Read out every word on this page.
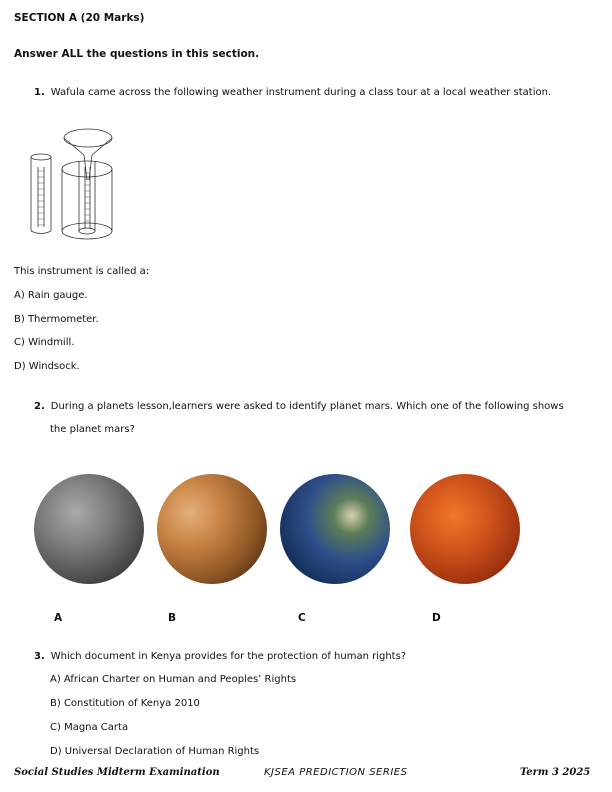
SECTION A (20 Marks)
Answer ALL the questions in this section.
1. Wafula came across the following weather instrument during a class tour at a local weather station.
This instrument is called a:
A) Rain gauge.
B) Thermometer.
C) Windmill.
D) Windsock.
2. During a planets lesson,learners were asked to identify planet mars. Which one of the following shows
the planet mars?
A	B	C	D
3. Which document in Kenya provides for the protection of human rights?
A) African Charter on Human and Peoples’ Rights
B) Constitution of Kenya 2010
C) Magna Carta
D) Universal Declaration of Human Rights
Social Studies Midterm Examination	KJSEA PREDICTION SERIES	Term 3 2025
